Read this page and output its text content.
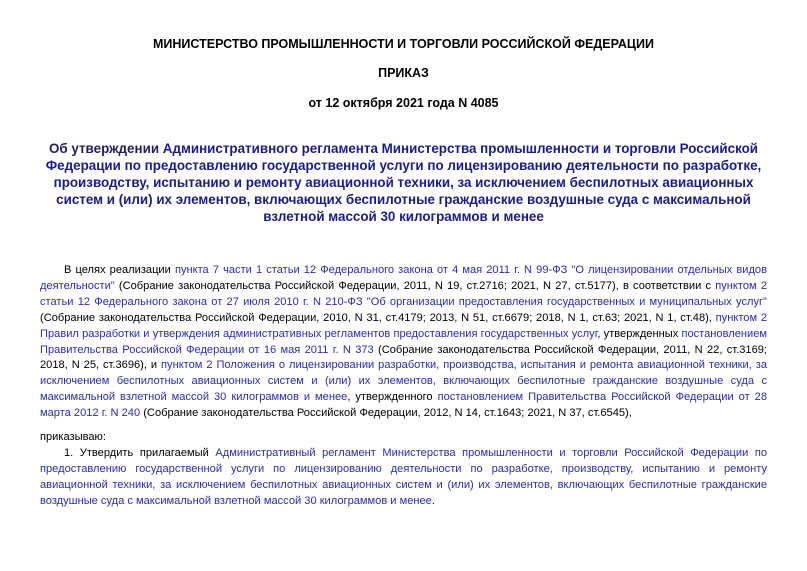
МИНИСТЕРСТВО ПРОМЫШЛЕННОСТИ И ТОРГОВЛИ РОССИЙСКОЙ ФЕДЕРАЦИИ
ПРИКАЗ
от 12 октября 2021 года N 4085
Об утверждении Административного регламента Министерства промышленности и торговли Российской Федерации по предоставлению государственной услуги по лицензированию деятельности по разработке, производству, испытанию и ремонту авиационной техники, за исключением беспилотных авиационных систем и (или) их элементов, включающих беспилотные гражданские воздушные суда с максимальной взлетной массой 30 килограммов и менее
В целях реализации пункта 7 части 1 статьи 12 Федерального закона от 4 мая 2011 г. N 99-ФЗ "О лицензировании отдельных видов деятельности" (Собрание законодательства Российской Федерации, 2011, N 19, ст.2716; 2021, N 27, ст.5177), в соответствии с пунктом 2 статьи 12 Федерального закона от 27 июля 2010 г. N 210-ФЗ "Об организации предоставления государственных и муниципальных услуг" (Собрание законодательства Российской Федерации, 2010, N 31, ст.4179; 2013, N 51, ст.6679; 2018, N 1, ст.63; 2021, N 1, ст.48), пунктом 2 Правил разработки и утверждения административных регламентов предоставления государственных услуг, утвержденных постановлением Правительства Российской Федерации от 16 мая 2011 г. N 373 (Собрание законодательства Российской Федерации, 2011, N 22, ст.3169; 2018, N 25, ст.3696), и пунктом 2 Положения о лицензировании разработки, производства, испытания и ремонта авиационной техники, за исключением беспилотных авиационных систем и (или) их элементов, включающих беспилотные гражданские воздушные суда с максимальной взлетной массой 30 килограммов и менее, утвержденного постановлением Правительства Российской Федерации от 28 марта 2012 г. N 240 (Собрание законодательства Российской Федерации, 2012, N 14, ст.1643; 2021, N 37, ст.6545),
приказываю:
1. Утвердить прилагаемый Административный регламент Министерства промышленности и торговли Российской Федерации по предоставлению государственной услуги по лицензированию деятельности по разработке, производству, испытанию и ремонту авиационной техники, за исключением беспилотных авиационных систем и (или) их элементов, включающих беспилотные гражданские воздушные суда с максимальной взлетной массой 30 килограммов и менее.
